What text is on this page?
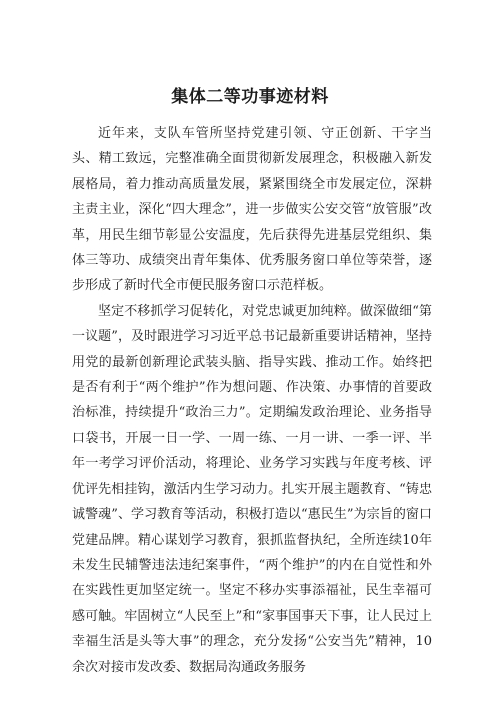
集体二等功事迹材料

近年来，支队车管所坚持党建引领、守正创新、干字当头、精工致远，完整准确全面贯彻新发展理念，积极融入新发展格局，着力推动高质量发展，紧紧围绕全市发展定位，深耕主责主业，深化“四大理念”，进一步做实公安交管“放管服”改革，用民生细节彰显公安温度，先后获得先进基层党组织、集体三等功、成绩突出青年集体、优秀服务窗口单位等荣誉，逐步形成了新时代全市便民服务窗口示范样板。

坚定不移抓学习促转化，对党忠诚更加纯粹。做深做细“第一议题”，及时跟进学习习近平总书记最新重要讲话精神，坚持用党的最新创新理论武装头脑、指导实践、推动工作。始终把是否有利于“两个维护”作为想问题、作决策、办事情的首要政治标准，持续提升“政治三力”。定期编发政治理论、业务指导口袋书，开展一日一学、一周一练、一月一讲、一季一评、半年一考学习评价活动，将理论、业务学习实践与年度考核、评优评先相挂钩，激活内生学习动力。扎实开展主题教育、“铸忠诚警魂”、学习教育等活动，积极打造以“惠民生”为宗旨的窗口党建品牌。精心谋划学习教育，狠抓监督执纪，全所连续10年未发生民辅警违法违纪案事件，“两个维护”的内在自觉性和外在实践性更加坚定统一。坚定不移办实事添福祉，民生幸福可感可触。牢固树立“人民至上”和“家事国事天下事，让人民过上幸福生活是头等大事”的理念，充分发扬“公安当先”精神，10余次对接市发改委、数据局沟通政务服务
